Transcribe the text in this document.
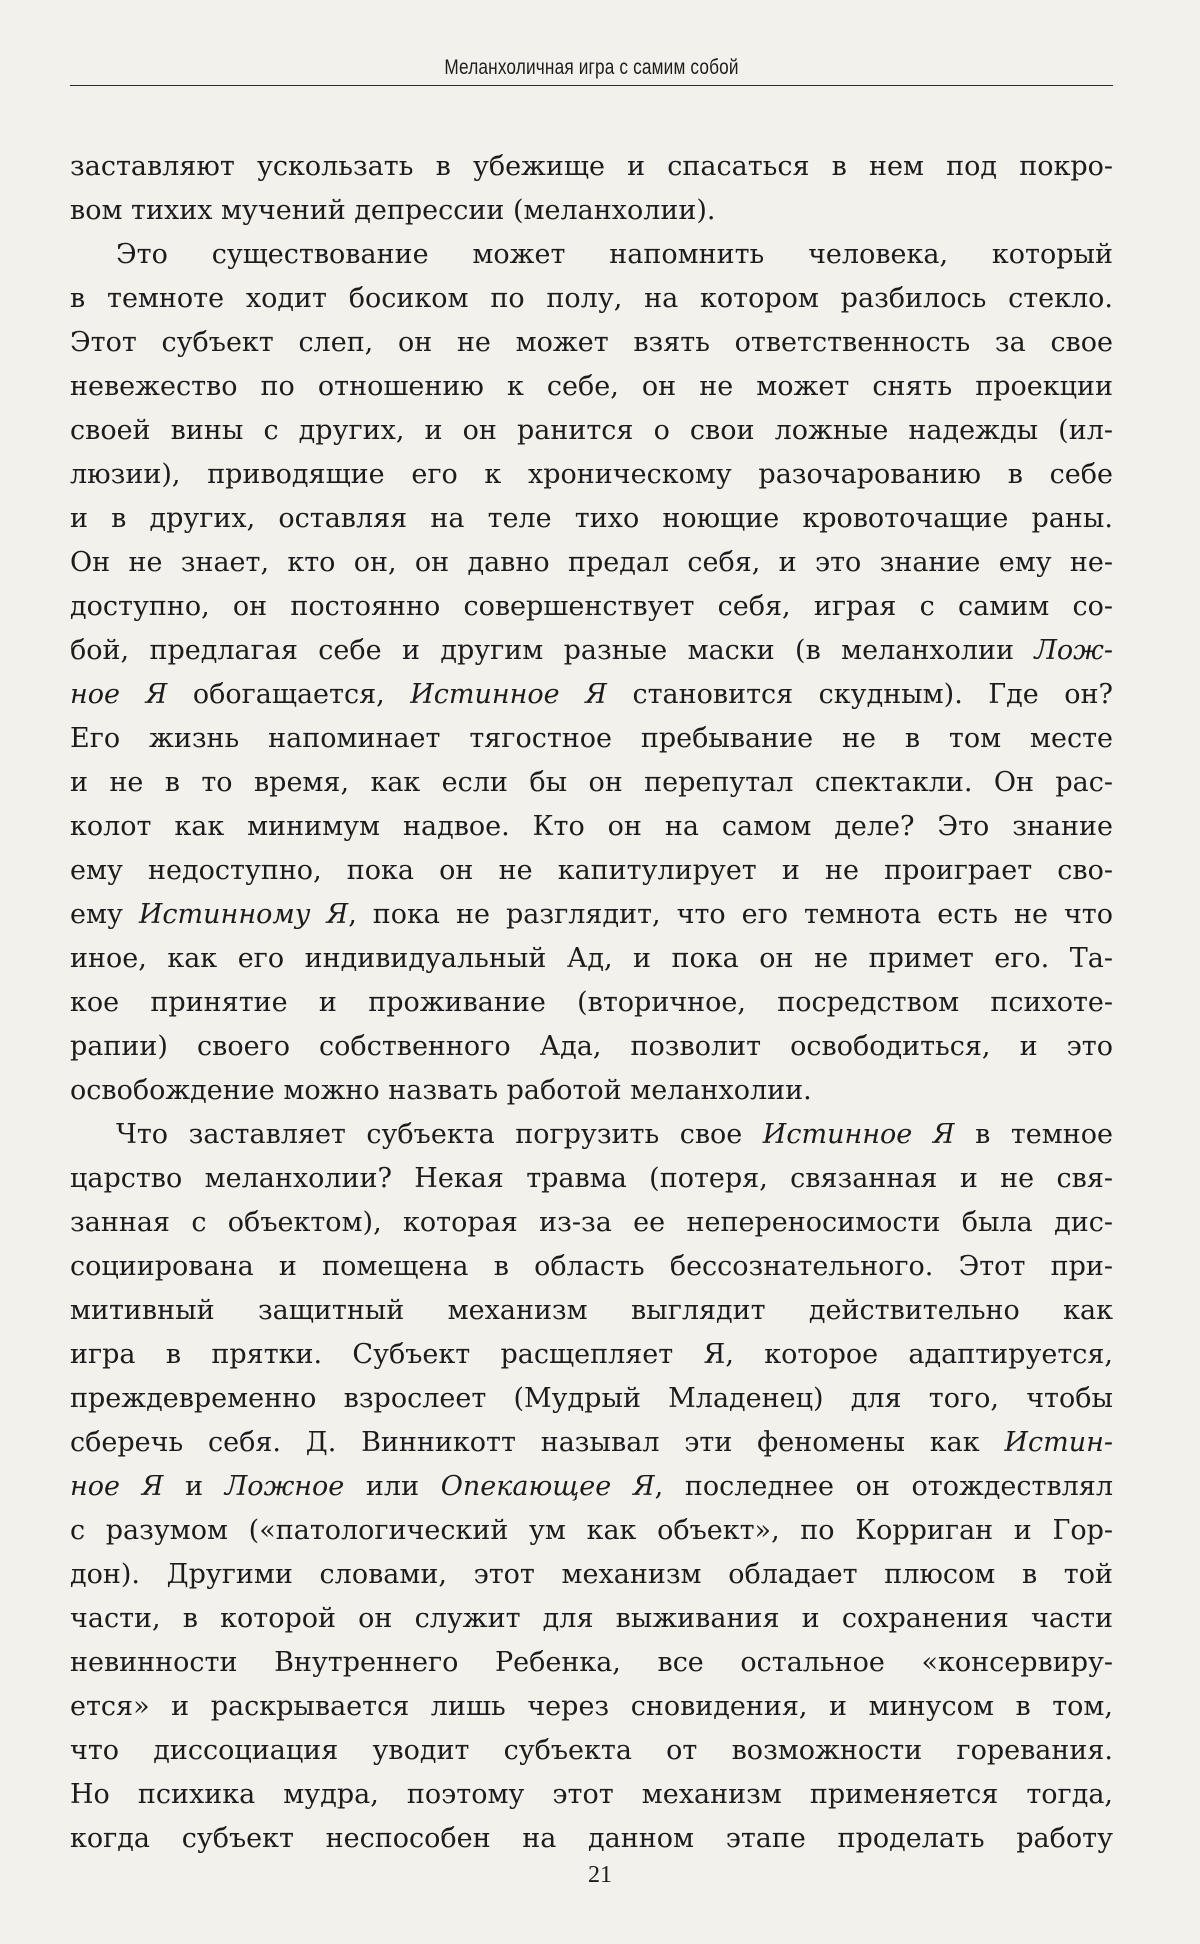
Меланхоличная игра с самим собой
заставляют ускользать в убежище и спасаться в нем под покро-
вом тихих мучений депрессии (меланхолии).
Это существование может напомнить человека, который
в темноте ходит босиком по полу, на котором разбилось стекло.
Этот субъект слеп, он не может взять ответственность за свое
невежество по отношению к себе, он не может снять проекции
своей вины с других, и он ранится о свои ложные надежды (ил-
люзии), приводящие его к хроническому разочарованию в себе
и в других, оставляя на теле тихо ноющие кровоточащие раны.
Он не знает, кто он, он давно предал себя, и это знание ему не-
доступно, он постоянно совершенствует себя, играя с самим со-
бой, предлагая себе и другим разные маски (в меланхолии Лож-
ное Я обогащается, Истинное Я становится скудным). Где он?
Его жизнь напоминает тягостное пребывание не в том месте
и не в то время, как если бы он перепутал спектакли. Он рас-
колот как минимум надвое. Кто он на самом деле? Это знание
ему недоступно, пока он не капитулирует и не проиграет сво-
ему Истинному Я, пока не разглядит, что его темнота есть не что
иное, как его индивидуальный Ад, и пока он не примет его. Та-
кое принятие и проживание (вторичное, посредством психоте-
рапии) своего собственного Ада, позволит освободиться, и это
освобождение можно назвать работой меланхолии.
Что заставляет субъекта погрузить свое Истинное Я в темное
царство меланхолии? Некая травма (потеря, связанная и не свя-
занная с объектом), которая из-за ее непереносимости была дис-
социирована и помещена в область бессознательного. Этот при-
митивный защитный механизм выглядит действительно как
игра в прятки. Субъект расщепляет Я, которое адаптируется,
преждевременно взрослеет (Мудрый Младенец) для того, чтобы
сберечь себя. Д. Винникотт называл эти феномены как Истин-
ное Я и Ложное или Опекающее Я, последнее он отождествлял
с разумом («патологический ум как объект», по Корриган и Гор-
дон). Другими словами, этот механизм обладает плюсом в той
части, в которой он служит для выживания и сохранения части
невинности Внутреннего Ребенка, все остальное «консервиру-
ется» и раскрывается лишь через сновидения, и минусом в том,
что диссоциация уводит субъекта от возможности горевания.
Но психика мудра, поэтому этот механизм применяется тогда,
когда субъект неспособен на данном этапе проделать работу
21
